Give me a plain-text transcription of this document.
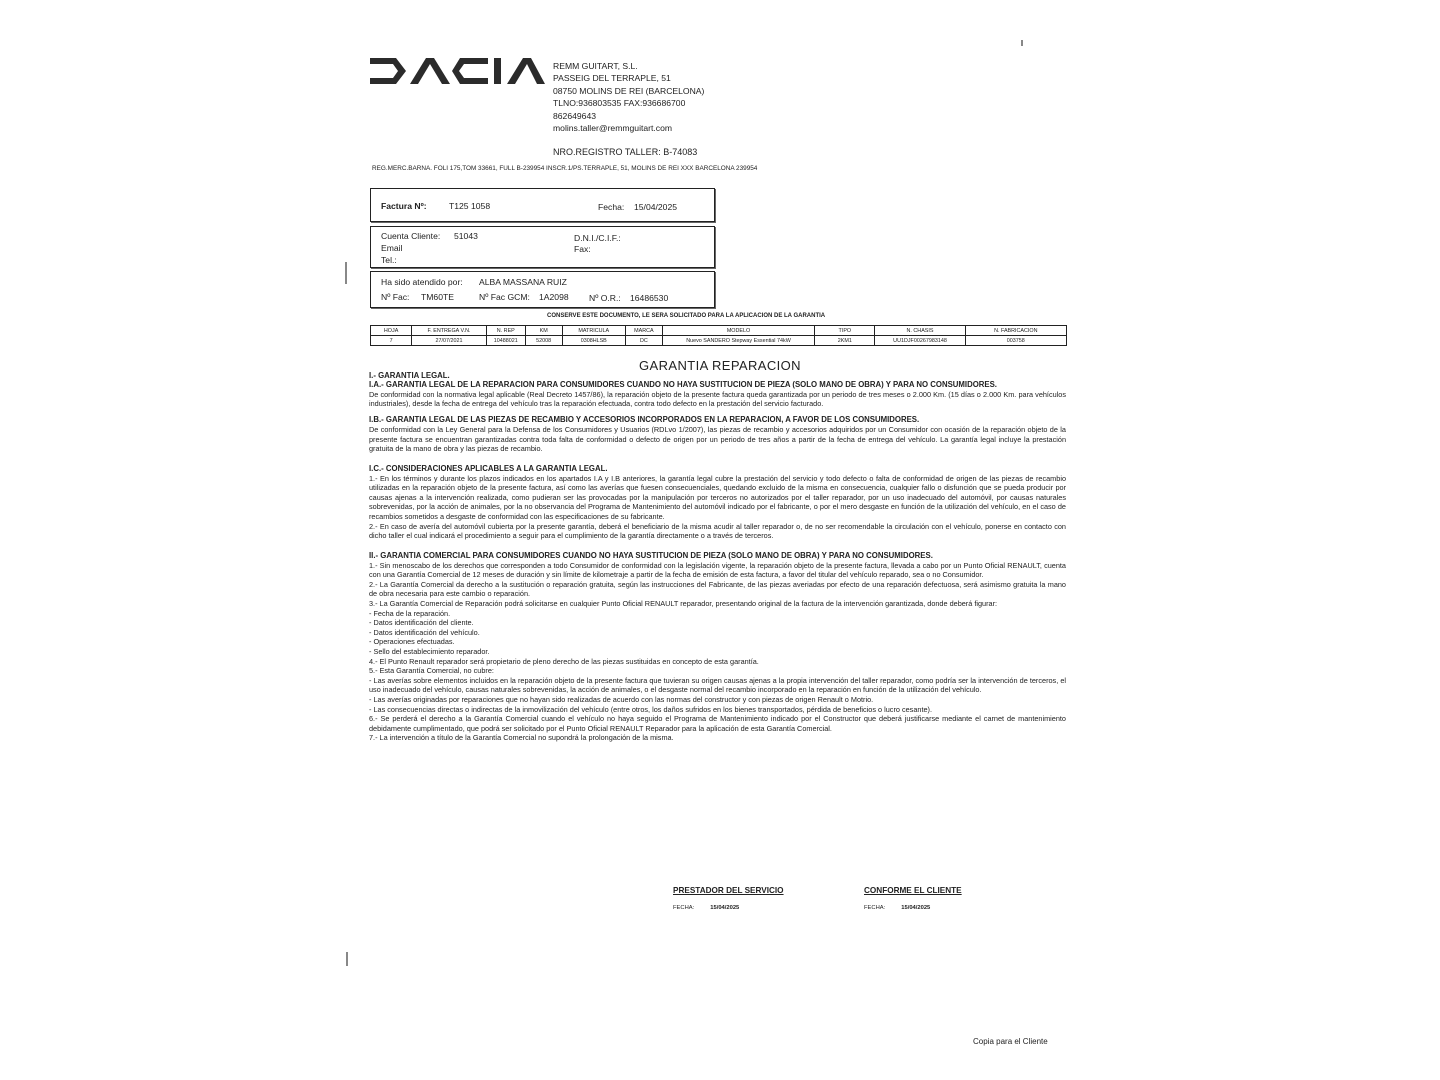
REMM GUITART, S.L.
PASSEIG DEL TERRAPLE, 51
08750 MOLINS DE REI (BARCELONA)
TLNO:936803535 FAX:936686700
862649643
molins.taller@remmguitart.com
NRO.REGISTRO TALLER: B-74083
REG.MERC.BARNA. FOLI 175,TOM 33661, FULL B-239954 INSCR.1/PS.TERRAPLE, 51, MOLINS DE REI XXX BARCELONA 239954
Factura Nº:	T125 1058	Fecha: 15/04/2025
Cuenta Cliente: 51043
Email
Tel.:
D.N.I./C.I.F.:
Fax:
Ha sido atendido por: ALBA MASSANA RUIZ
Nº Fac: TM60TE	Nº Fac GCM: 1A2098 Nº O.R.: 16486530
CONSERVE ESTE DOCUMENTO, LE SERA SOLICITADO PARA LA APLICACION DE LA GARANTIA
HOJA	F. ENTREGA V.N.	N. REP	KM	MATRICULA	MARCA	MODELO	TIPO	N. CHASIS	N. FABRICACION
7	27/07/2021	10488021	52008	0308HLSB	DC	Nuevo SANDERO Stepway Essential 74kW	2KM1	UU1DJF00267983148	003758
GARANTIA REPARACION

I.- GARANTIA LEGAL.

I.A.- GARANTIA LEGAL DE LA REPARACION PARA CONSUMIDORES CUANDO NO HAYA SUSTITUCION DE PIEZA (SOLO MANO DE OBRA) Y PARA NO CONSUMIDORES.

De conformidad con la normativa legal aplicable (Real Decreto 1457/86), la reparación objeto de la presente factura queda garantizada por un periodo de tres meses o 2.000 Km. (15 días o 2.000 Km. para vehículos industriales), desde la fecha de entrega del vehículo tras la reparación efectuada, contra todo defecto en la prestación del servicio facturado.

I.B.- GARANTIA LEGAL DE LAS PIEZAS DE RECAMBIO Y ACCESORIOS INCORPORADOS EN LA REPARACION, A FAVOR DE LOS CONSUMIDORES.

De conformidad con la Ley General para la Defensa de los Consumidores y Usuarios (RDLvo 1/2007), las piezas de recambio y accesorios adquiridos por un Consumidor con ocasión de la reparación objeto de la presente factura se encuentran garantizadas contra toda falta de conformidad o defecto de origen por un periodo de tres años a partir de la fecha de entrega del vehículo. La garantía legal incluye la prestación gratuita de la mano de obra y las piezas de recambio.

I.C.- CONSIDERACIONES APLICABLES A LA GARANTIA LEGAL.

1.- En los términos y durante los plazos indicados en los apartados I.A y I.B anteriores, la garantía legal cubre la prestación del servicio y todo defecto o falta de conformidad de origen de las piezas de recambio utilizadas en la reparación objeto de la presente factura, así como las averías que fuesen consecuenciales, quedando excluido de la misma en consecuencia, cualquier fallo o disfunción que se pueda producir por causas ajenas a la intervención realizada, como pudieran ser las provocadas por la manipulación por terceros no autorizados por el taller reparador, por un uso inadecuado del automóvil, por causas naturales sobrevenidas, por la acción de animales, por la no observancia del Programa de Mantenimiento del automóvil indicado por el fabricante, o por el mero desgaste en función de la utilización del vehículo, en el caso de recambios sometidos a desgaste de conformidad con las especificaciones de su fabricante.

2.- En caso de avería del automóvil cubierta por la presente garantía, deberá el beneficiario de la misma acudir al taller reparador o, de no ser recomendable la circulación con el vehículo, ponerse en contacto con dicho taller el cual indicará el procedimiento a seguir para el cumplimiento de la garantía directamente o a través de terceros.

II.- GARANTIA COMERCIAL PARA CONSUMIDORES CUANDO NO HAYA SUSTITUCION DE PIEZA (SOLO MANO DE OBRA) Y PARA NO CONSUMIDORES.

1.- Sin menoscabo de los derechos que corresponden a todo Consumidor de conformidad con la legislación vigente, la reparación objeto de la presente factura, llevada a cabo por un Punto Oficial RENAULT, cuenta con una Garantía Comercial de 12 meses de duración y sin límite de kilometraje a partir de la fecha de emisión de esta factura, a favor del titular del vehículo reparado, sea o no Consumidor.

2.- La Garantía Comercial da derecho a la sustitución o reparación gratuita, según las instrucciones del Fabricante, de las piezas averiadas por efecto de una reparación defectuosa, será asimismo gratuita la mano de obra necesaria para este cambio o reparación.

3.- La Garantía Comercial de Reparación podrá solicitarse en cualquier Punto Oficial RENAULT reparador, presentando original de la factura de la intervención garantizada, donde deberá figurar:

- Fecha de la reparación.

- Datos identificación del cliente.

- Datos identificación del vehículo.

- Operaciones efectuadas.

- Sello del establecimiento reparador.

4.- El Punto Renault reparador será propietario de pleno derecho de las piezas sustituidas en concepto de esta garantía.

5.- Esta Garantía Comercial, no cubre:

- Las averías sobre elementos incluidos en la reparación objeto de la presente factura que tuvieran su origen causas ajenas a la propia intervención del taller reparador, como podría ser la intervención de terceros, el uso inadecuado del vehículo, causas naturales sobrevenidas, la acción de animales, o el desgaste normal del recambio incorporado en la reparación en función de la utilización del vehículo.

- Las averías originadas por reparaciones que no hayan sido realizadas de acuerdo con las normas del constructor y con piezas de origen Renault o Motrio.

- Las consecuencias directas o indirectas de la inmovilización del vehículo (entre otros, los daños sufridos en los bienes transportados, pérdida de beneficios o lucro cesante).

6.- Se perderá el derecho a la Garantía Comercial cuando el vehículo no haya seguido el Programa de Mantenimiento indicado por el Constructor que deberá justificarse mediante el carnet de mantenimiento debidamente cumplimentado, que podrá ser solicitado por el Punto Oficial RENAULT Reparador para la aplicación de esta Garantía Comercial.

7.- La intervención a título de la Garantía Comercial no supondrá la prolongación de la misma.

PRESTADOR DEL SERVICIO	CONFORME EL CLIENTE
FECHA:	15/04/2025	FECHA:	15/04/2025
Copia para el Cliente
